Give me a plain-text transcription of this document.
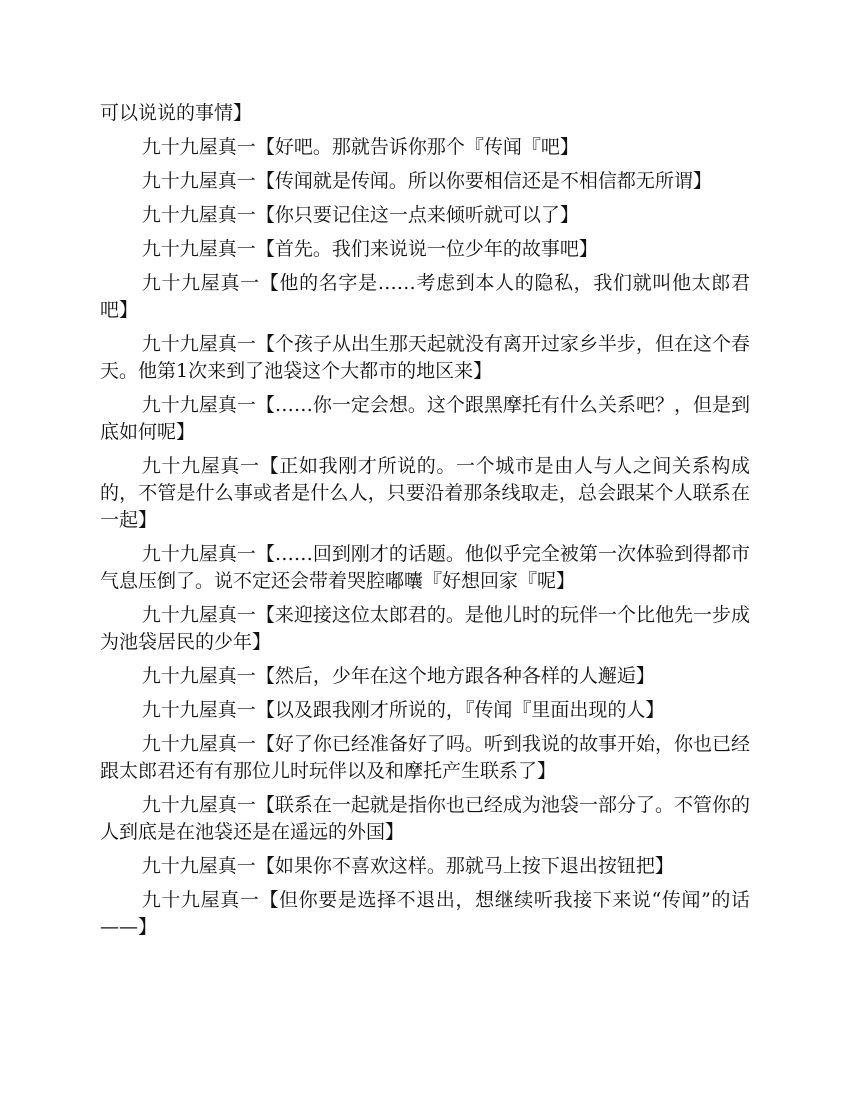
可以说说的事情】

九十九屋真一【好吧。那就告诉你那个『传闻『吧】

九十九屋真一【传闻就是传闻。所以你要相信还是不相信都无所谓】

九十九屋真一【你只要记住这一点来倾听就可以了】

九十九屋真一【首先。我们来说说一位少年的故事吧】

九十九屋真一【他的名字是……考虑到本人的隐私，我们就叫他太郎君吧】

九十九屋真一【个孩子从出生那天起就没有离开过家乡半步，但在这个春天。他第1次来到了池袋这个大都市的地区来】

九十九屋真一【……你一定会想。这个跟黑摩托有什么关系吧？，但是到底如何呢】

九十九屋真一【正如我刚才所说的。一个城市是由人与人之间关系构成的，不管是什么事或者是什么人，只要沿着那条线取走，总会跟某个人联系在一起】

九十九屋真一【……回到刚才的话题。他似乎完全被第一次体验到得都市气息压倒了。说不定还会带着哭腔嘟囔『好想回家『呢】

九十九屋真一【来迎接这位太郎君的。是他儿时的玩伴一个比他先一步成为池袋居民的少年】

九十九屋真一【然后，少年在这个地方跟各种各样的人邂逅】

九十九屋真一【以及跟我刚才所说的，『传闻『里面出现的人】

九十九屋真一【好了你已经准备好了吗。听到我说的故事开始，你也已经跟太郎君还有有那位儿时玩伴以及和摩托产生联系了】

九十九屋真一【联系在一起就是指你也已经成为池袋一部分了。不管你的人到底是在池袋还是在遥远的外国】

九十九屋真一【如果你不喜欢这样。那就马上按下退出按钮把】

九十九屋真一【但你要是选择不退出，想继续听我接下来说“传闻”的话——】
